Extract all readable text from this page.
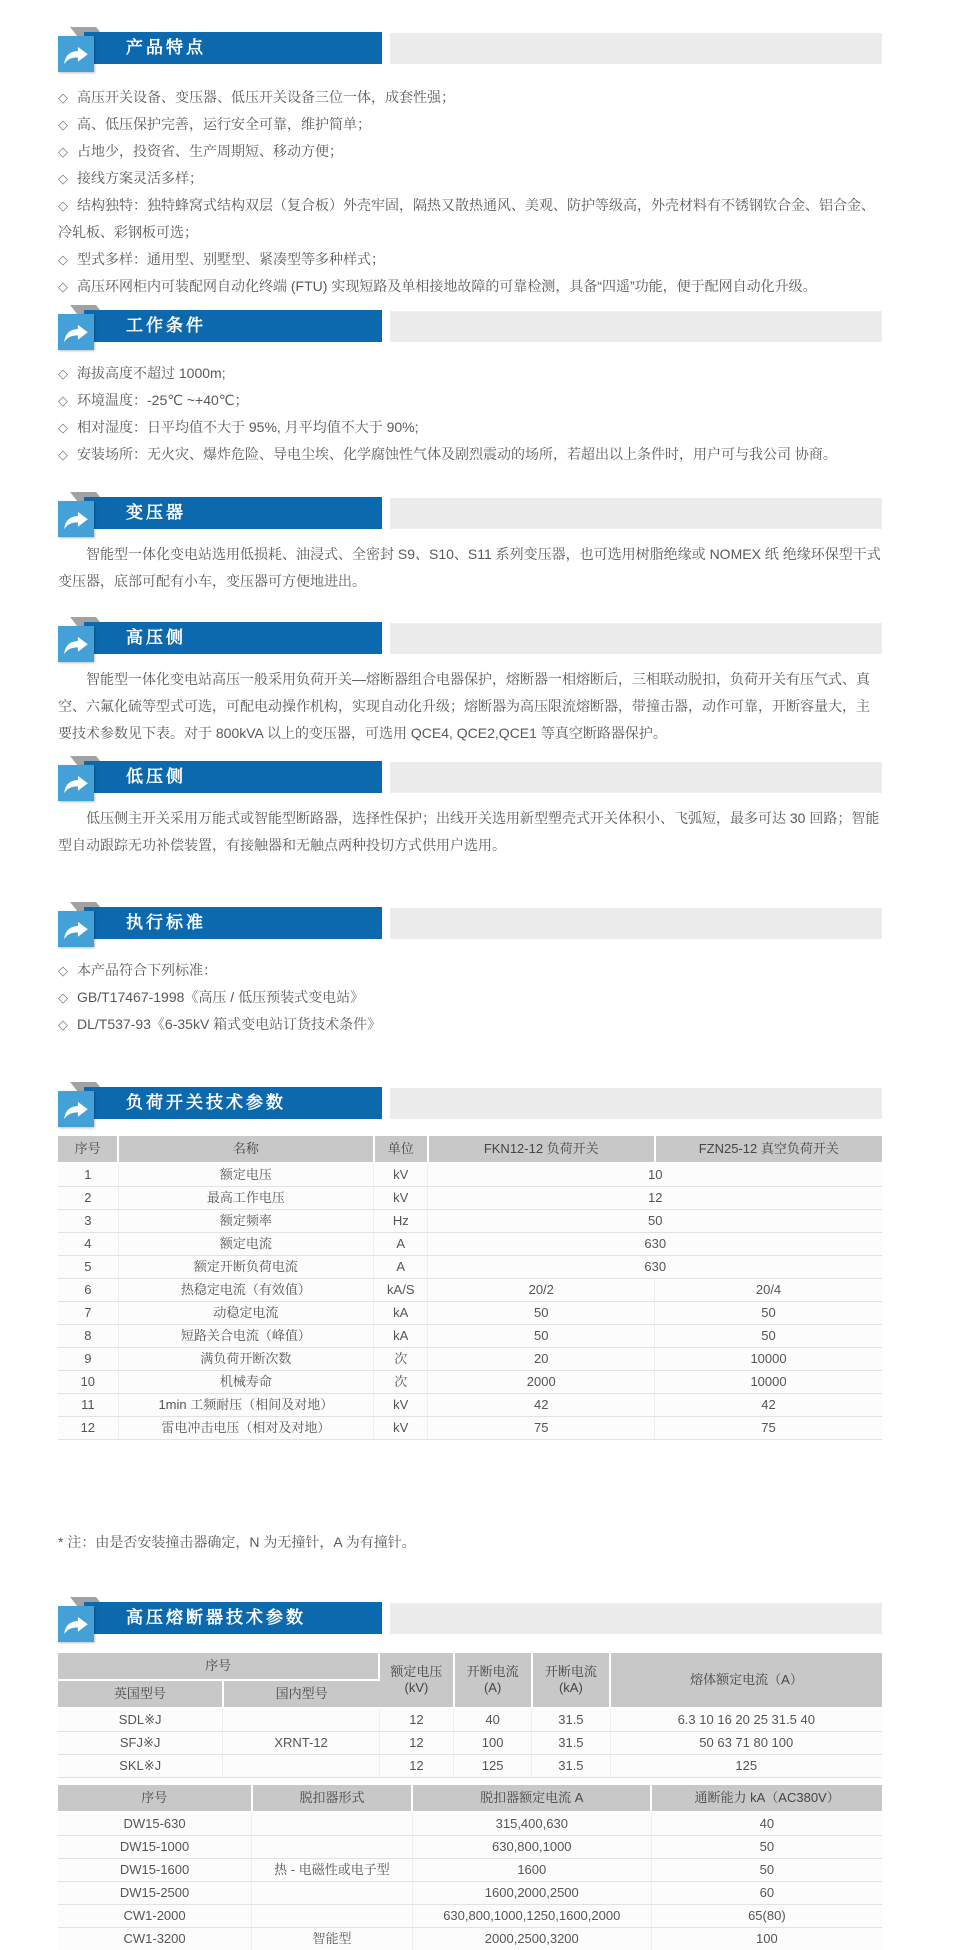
产品特点
◇ 高压开关设备、变压器、低压开关设备三位一体，成套性强；
◇ 高、低压保护完善，运行安全可靠，维护简单；
◇ 占地少，投资省、生产周期短、移动方便；
◇ 接线方案灵活多样；
◇ 结构独特：独特蜂窝式结构双层（复合板）外壳牢固，隔热又散热通风、美观、防护等级高，外壳材料有不锈钢钦合金、铝合金、冷轧板、彩钢板可选；
◇ 型式多样：通用型、别墅型、紧凑型等多种样式；
◇ 高压环网柜内可装配网自动化终端 (FTU) 实现短路及单相接地故障的可靠检测，具备“四遥”功能，便于配网自动化升级。
工作条件
◇ 海拔高度不超过 1000m;
◇ 环境温度：-25℃ ~+40℃；
◇ 相对湿度：日平均值不大于 95%, 月平均值不大于 90%;
◇ 安装场所：无火灾、爆炸危险、导电尘埃、化学腐蚀性气体及剧烈震动的场所，若超出以上条件时，用户可与我公司 协商。
变压器

智能型一体化变电站选用低损耗、油浸式、全密封 S9、S10、S11 系列变压器，也可选用树脂绝缘或 NOMEX 纸 绝缘环保型干式变压器，底部可配有小车，变压器可方便地进出。

高压侧

智能型一体化变电站高压一般采用负荷开关—熔断器组合电器保护，熔断器一相熔断后，三相联动脱扣，负荷开关有压气式、真空、六氟化硫等型式可选，可配电动操作机构，实现自动化升级；熔断器为高压限流熔断器，带撞击器，动作可靠，开断容量大，主要技术参数见下表。对于 800kVA 以上的变压器，可选用 QCE4, QCE2,QCE1 等真空断路器保护。

低压侧

低压侧主开关采用万能式或智能型断路器，选择性保护；出线开关选用新型塑壳式开关体积小、飞弧短，最多可达 30 回路；智能型自动跟踪无功补偿装置，有接触器和无触点两种投切方式供用户选用。

执行标准
◇ 本产品符合下列标准：
◇ GB/T17467-1998《高压 / 低压预装式变电站》
◇ DL/T537-93《6-35kV 箱式变电站订货技术条件》
负荷开关技术参数
序号	名称	单位	FKN12-12 负荷开关	FZN25-12 真空负荷开关
1	额定电压	kV	10	
2	最高工作电压	kV	12	
3	额定频率	Hz	50	
4	额定电流	A	630	
5	额定开断负荷电流	A	630	
6	热稳定电流（有效值）	kA/S	20/2	20/4
7	动稳定电流	kA	50	50
8	短路关合电流（峰值）	kA	50	50
9	满负荷开断次数	次	20	10000
10	机械寿命	次	2000	10000
11	1min 工频耐压（相间及对地）	kV	42	42
12	雷电冲击电压（相对及对地）	kV	75	75
* 注：由是否安装撞击器确定，N 为无撞针，A 为有撞针。
高压熔断器技术参数
序号		额定电压 (kV)	开断电流 (A)	开断电流 (kA)	熔体额定电流（A）
英国型号	国内型号				
SDL※J		12	40	31.5	6.3 10 16 20 25 31.5 40
SFJ※J	XRNT-12	12	100	31.5	50 63 71 80 100
SKL※J		12	125	31.5	125
序号	脱扣器形式	脱扣器额定电流 A	通断能力 kA（AC380V）
DW15-630		315,400,630	40
DW15-1000		630,800,1000	50
DW15-1600	热 - 电磁性或电子型	1600	50
DW15-2500		1600,2000,2500	60
CW1-2000		630,800,1000,1250,1600,2000	65(80)
CW1-3200	智能型	2000,2500,3200	100
